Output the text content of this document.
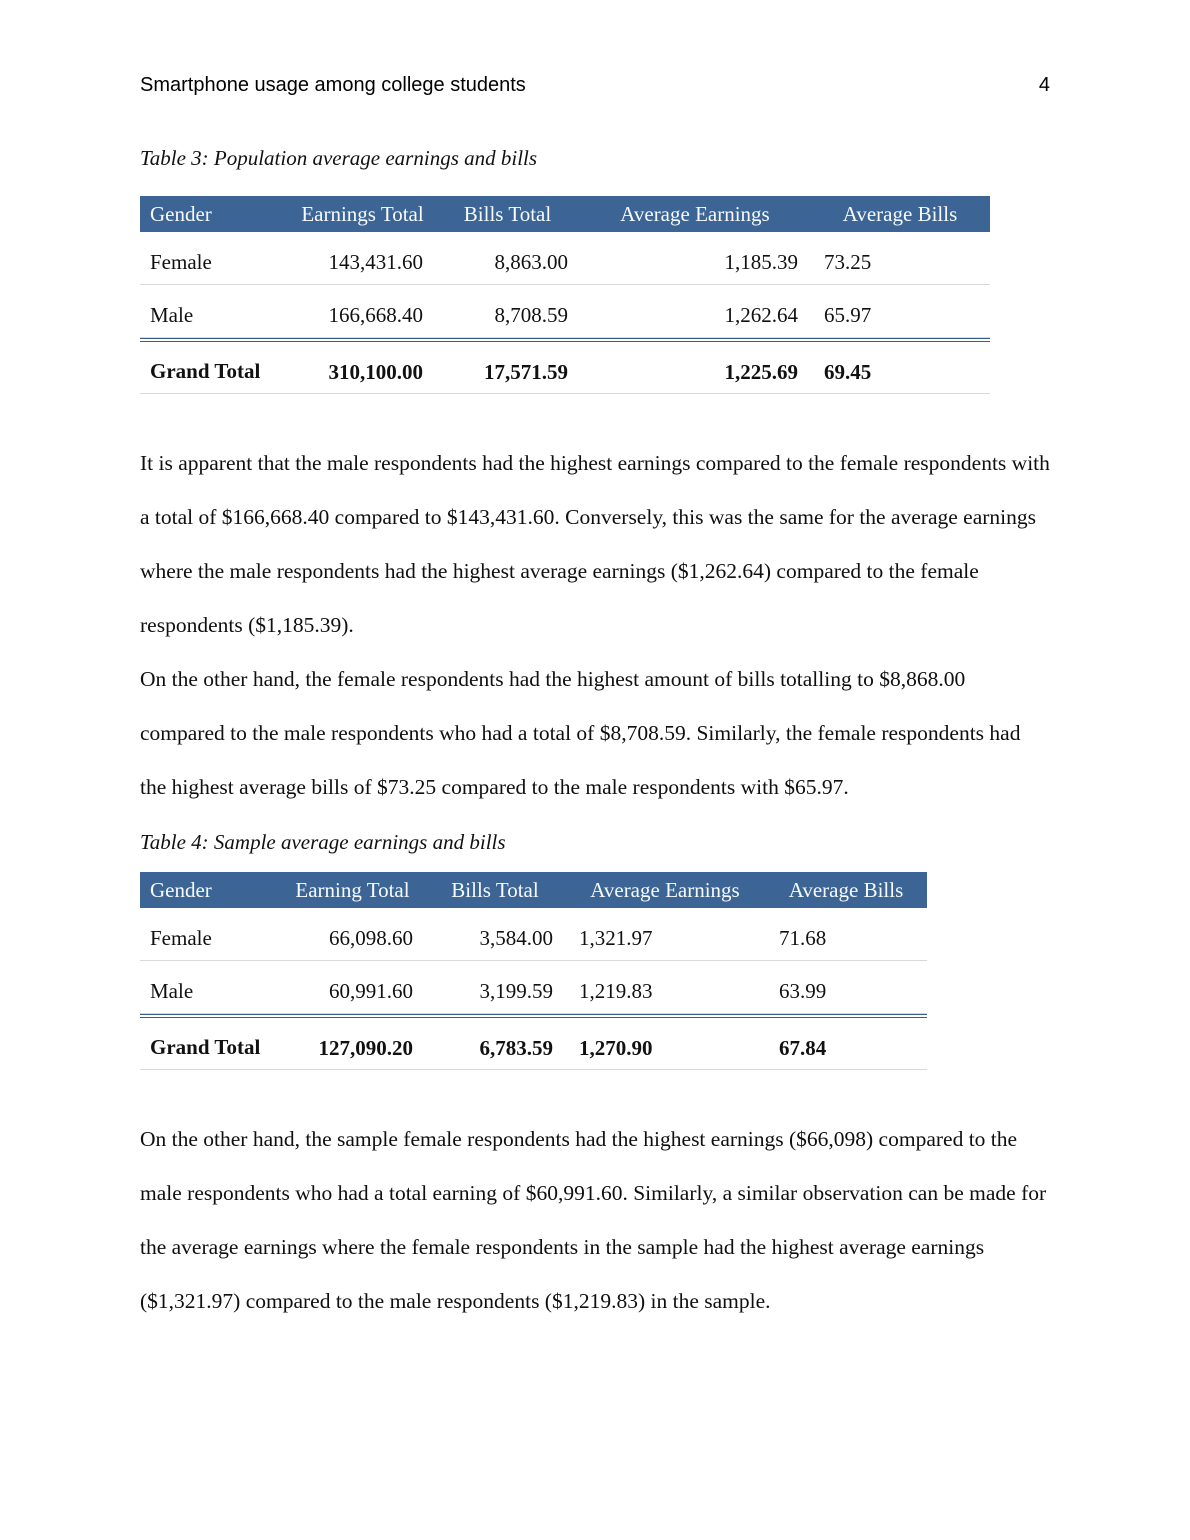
Smartphone usage among college students	4

Table 3: Population average earnings and bills

Gender	Earnings Total	Bills Total	Average Earnings	Average Bills
Female	143,431.60	8,863.00	1,185.39	73.25
Male	166,668.40	8,708.59	1,262.64	65.97
Grand Total	310,100.00	17,571.59	1,225.69	69.45

It is apparent that the male respondents had the highest earnings compared to the female respondents with a total of $166,668.40 compared to $143,431.60. Conversely, this was the same for the average earnings where the male respondents had the highest average earnings ($1,262.64) compared to the female respondents ($1,185.39).

On the other hand, the female respondents had the highest amount of bills totalling to $8,868.00 compared to the male respondents who had a total of $8,708.59. Similarly, the female respondents had the highest average bills of $73.25 compared to the male respondents with $65.97.

Table 4: Sample average earnings and bills

Gender	Earning Total	Bills Total	Average Earnings	Average Bills
Female	66,098.60	3,584.00	1,321.97	71.68
Male	60,991.60	3,199.59	1,219.83	63.99
Grand Total	127,090.20	6,783.59	1,270.90	67.84

On the other hand, the sample female respondents had the highest earnings ($66,098) compared to the male respondents who had a total earning of $60,991.60. Similarly, a similar observation can be made for the average earnings where the female respondents in the sample had the highest average earnings ($1,321.97) compared to the male respondents ($1,219.83) in the sample.
